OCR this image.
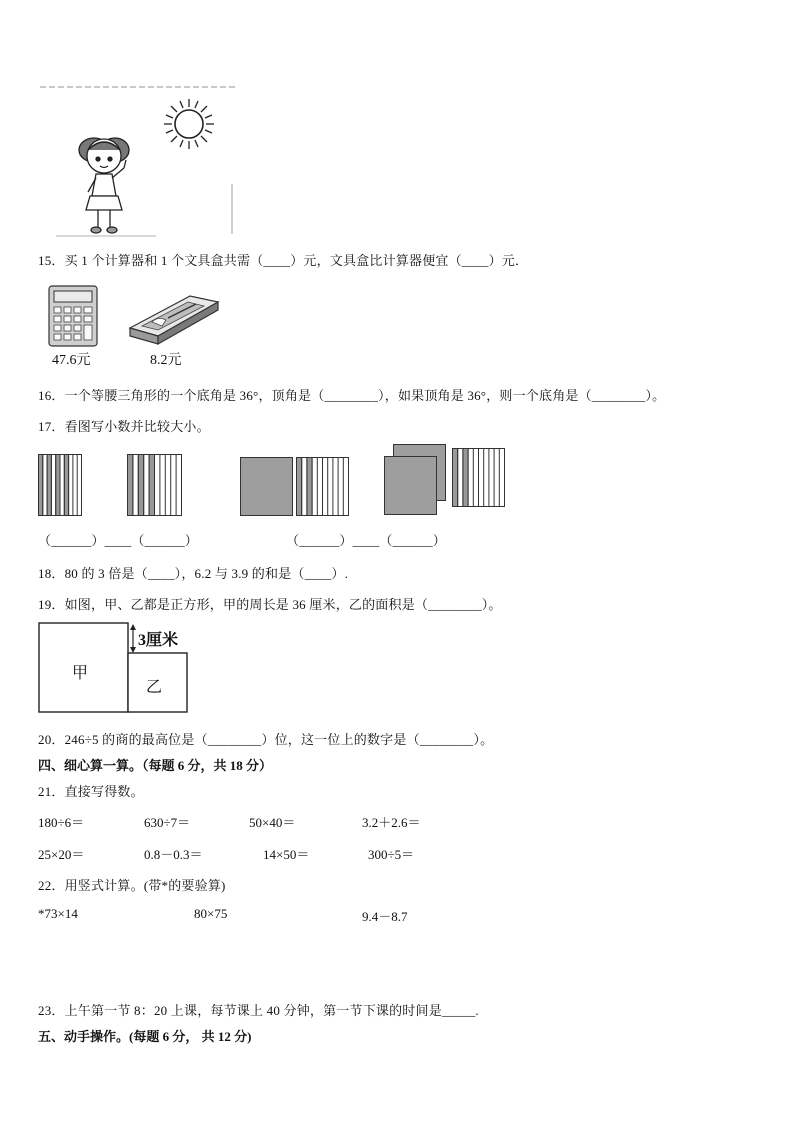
15．买 1 个计算器和 1 个文具盒共需（____）元，文具盒比计算器便宜（____）元．
47.6元	8.2元
16．一个等腰三角形的一个底角是 36°，顶角是（________），如果顶角是 36°，则一个底角是（________）。
17．看图写小数并比较大小。
（______）____（______）	（______）____（______）
18．80 的 3 倍是（____），6.2 与 3.9 的和是（____）.
19．如图，甲、乙都是正方形，甲的周长是 36 厘米，乙的面积是（________）。
甲
乙
3厘米
20．246÷5 的商的最高位是（________）位，这一位上的数字是（________）。
四、细心算一算。（每题 6 分，共 18 分）
21．直接写得数。
180÷6＝	630÷7＝	50×40＝	3.2＋2.6＝
25×20＝	0.8－0.3＝	14×50＝	300÷5＝
22．用竖式计算。(带*的要验算)
*73×14	80×75	9.4－8.7
23．上午第一节 8：20 上课，每节课上 40 分钟，第一节下课的时间是_____.
五、动手操作。(每题 6 分， 共 12 分)
